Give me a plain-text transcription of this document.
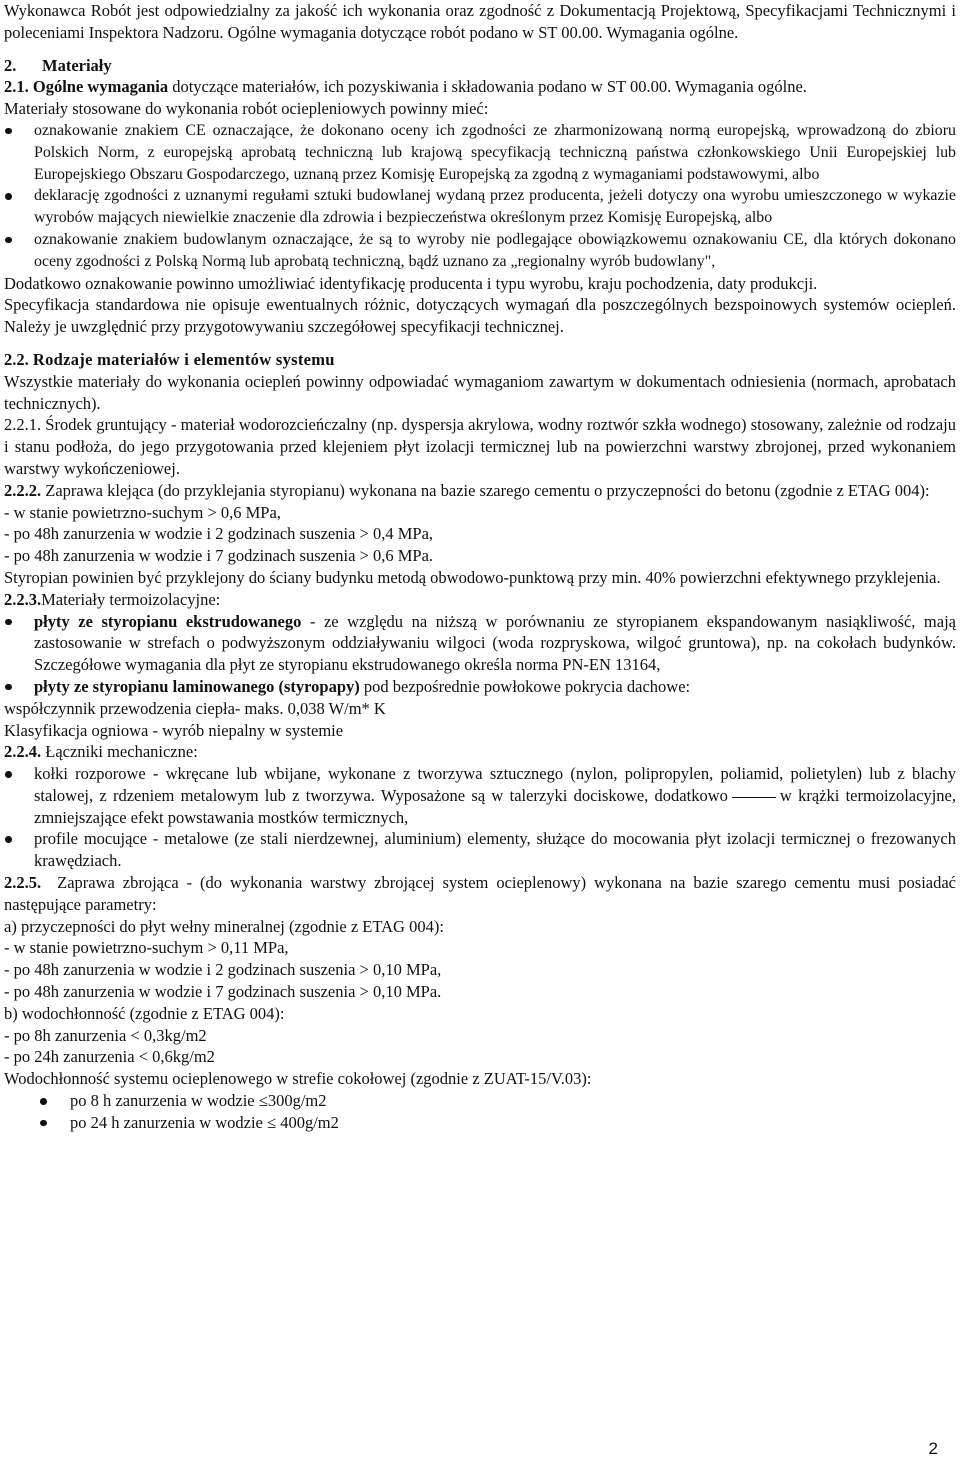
Wykonawca Robót jest odpowiedzialny za jakość ich wykonania oraz zgodność z Dokumentacją Projektową, Specyfikacjami Technicznymi i poleceniami Inspektora Nadzoru. Ogólne wymagania dotyczące robót podano w ST 00.00. Wymagania ogólne.

2. Materiały

2.1. Ogólne wymagania dotyczące materiałów, ich pozyskiwania i składowania podano w ST 00.00. Wymagania ogólne.

Materiały stosowane do wykonania robót ociepleniowych powinny mieć:

oznakowanie znakiem CE oznaczające, że dokonano oceny ich zgodności ze zharmonizowaną normą europejską, wprowadzoną do zbioru Polskich Norm, z europejską aprobatą techniczną lub krajową specyfikacją techniczną państwa członkowskiego Unii Europejskiej lub Europejskiego Obszaru Gospodarczego, uznaną przez Komisję Europejską za zgodną z wymaganiami podstawowymi, albo
deklarację zgodności z uznanymi regułami sztuki budowlanej wydaną przez producenta, jeżeli dotyczy ona wyrobu umieszczonego w wykazie wyrobów mających niewielkie znaczenie dla zdrowia i bezpieczeństwa określonym przez Komisję Europejską, albo
oznakowanie znakiem budowlanym oznaczające, że są to wyroby nie podlegające obowiązkowemu oznakowaniu CE, dla których dokonano oceny zgodności z Polską Normą lub aprobatą techniczną, bądź uznano za „regionalny wyrób budowlany",

Dodatkowo oznakowanie powinno umożliwiać identyfikację producenta i typu wyrobu, kraju pochodzenia, daty produkcji.

Specyfikacja standardowa nie opisuje ewentualnych różnic, dotyczących wymagań dla poszczególnych bezspoinowych systemów ociepleń. Należy je uwzględnić przy przygotowywaniu szczegółowej specyfikacji technicznej.

2.2. Rodzaje materiałów i elementów systemu

Wszystkie materiały do wykonania ociepleń powinny odpowiadać wymaganiom zawartym w dokumentach odniesienia (normach, aprobatach technicznych).

2.2.1. Środek gruntujący - materiał wodorozcieńczalny (np. dyspersja akrylowa, wodny roztwór szkła wodnego) stosowany, zależnie od rodzaju i stanu podłoża, do jego przygotowania przed klejeniem płyt izolacji termicznej lub na powierzchni warstwy zbrojonej, przed wykonaniem warstwy wykończeniowej.

2.2.2. Zaprawa klejąca (do przyklejania styropianu) wykonana na bazie szarego cementu o przyczepności do betonu (zgodnie z ETAG 004):

- w stanie powietrzno-suchym > 0,6 MPa,

- po 48h zanurzenia w wodzie i 2 godzinach suszenia > 0,4 MPa,

- po 48h zanurzenia w wodzie i 7 godzinach suszenia > 0,6 MPa.

Styropian powinien być przyklejony do ściany budynku metodą obwodowo-punktową przy min. 40% powierzchni efektywnego przyklejenia.

2.2.3.Materiały termoizolacyjne:

płyty ze styropianu ekstrudowanego - ze względu na niższą w porównaniu ze styropianem ekspandowanym nasiąkliwość, mają zastosowanie w strefach o podwyższonym oddziaływaniu wilgoci (woda rozpryskowa, wilgoć gruntowa), np. na cokołach budynków. Szczegółowe wymagania dla płyt ze styropianu ekstrudowanego określa norma PN-EN 13164,
płyty ze styropianu laminowanego (styropapy) pod bezpośrednie powłokowe pokrycia dachowe:

współczynnik przewodzenia ciepła- maks. 0,038 W/m* K

Klasyfikacja ogniowa - wyrób niepalny w systemie

2.2.4. Łączniki mechaniczne:

kołki rozporowe - wkręcane lub wbijane, wykonane z tworzywa sztucznego (nylon, polipropylen, poliamid, polietylen) lub z blachy stalowej, z rdzeniem metalowym lub z tworzywa. Wyposażone są w talerzyki dociskowe, dodatkowo	w krążki termoizolacyjne, zmniejszające efekt powstawania mostków termicznych,
profile mocujące - metalowe (ze stali nierdzewnej, aluminium) elementy, służące do mocowania płyt izolacji termicznej o frezowanych krawędziach.

2.2.5. Zaprawa zbrojąca - (do wykonania warstwy zbrojącej system ocieplenowy) wykonana na bazie szarego cementu musi posiadać następujące parametry:

a) przyczepności do płyt wełny mineralnej (zgodnie z ETAG 004):

- w stanie powietrzno-suchym > 0,11 MPa,

- po 48h zanurzenia w wodzie i 2 godzinach suszenia > 0,10 MPa,

- po 48h zanurzenia w wodzie i 7 godzinach suszenia > 0,10 MPa.

b) wodochłonność (zgodnie z ETAG 004):

- po 8h zanurzenia < 0,3kg/m2

- po 24h zanurzenia < 0,6kg/m2

Wodochłonność systemu ocieplenowego w strefie cokołowej (zgodnie z ZUAT-15/V.03):

po 8 h zanurzenia w wodzie ≤300g/m2
po 24 h zanurzenia w wodzie ≤ 400g/m2
2
